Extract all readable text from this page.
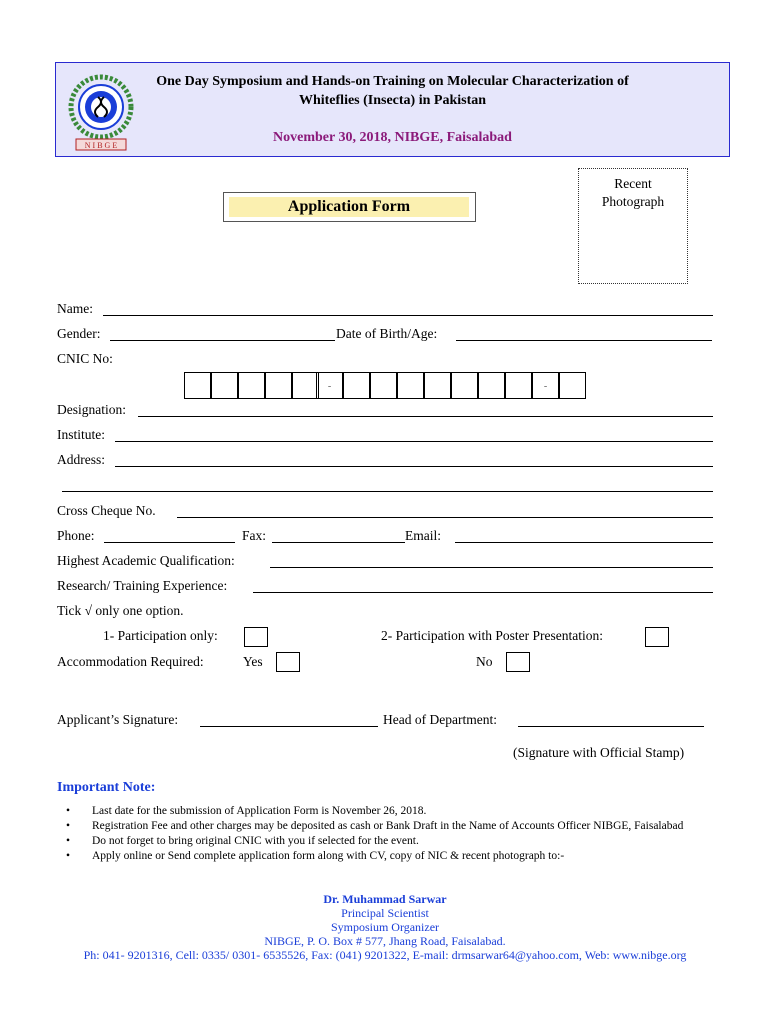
N I B G E
One Day Symposium and Hands-on Training on Molecular Characterization of
Whiteflies (Insecta) in Pakistan
November 30, 2018, NIBGE, Faisalabad
Recent
Photograph
Application Form
Name:
Gender:	Date of Birth/Age:
CNIC No:
-	-
Designation:
Institute:
Address:
Cross Cheque No.
Phone:	Fax:	Email:
Highest Academic Qualification:
Research/ Training Experience:
Tick √ only one option.
1- Participation only:	2- Participation with Poster Presentation:
Accommodation Required:	Yes	No
Applicant’s Signature:	Head of Department:
(Signature with Official Stamp)
Important Note:
• Last date for the submission of Application Form is November 26, 2018.
• Registration Fee and other charges may be deposited as cash or Bank Draft in the Name of Accounts Officer NIBGE, Faisalabad
• Do not forget to bring original CNIC with you if selected for the event.
• Apply online or Send complete application form along with CV, copy of NIC & recent photograph to:-
Dr. Muhammad Sarwar
Principal Scientist
Symposium Organizer
NIBGE, P. O. Box # 577, Jhang Road, Faisalabad.
Ph: 041- 9201316, Cell: 0335/ 0301- 6535526, Fax: (041) 9201322, E-mail: drmsarwar64@yahoo.com, Web: www.nibge.org
